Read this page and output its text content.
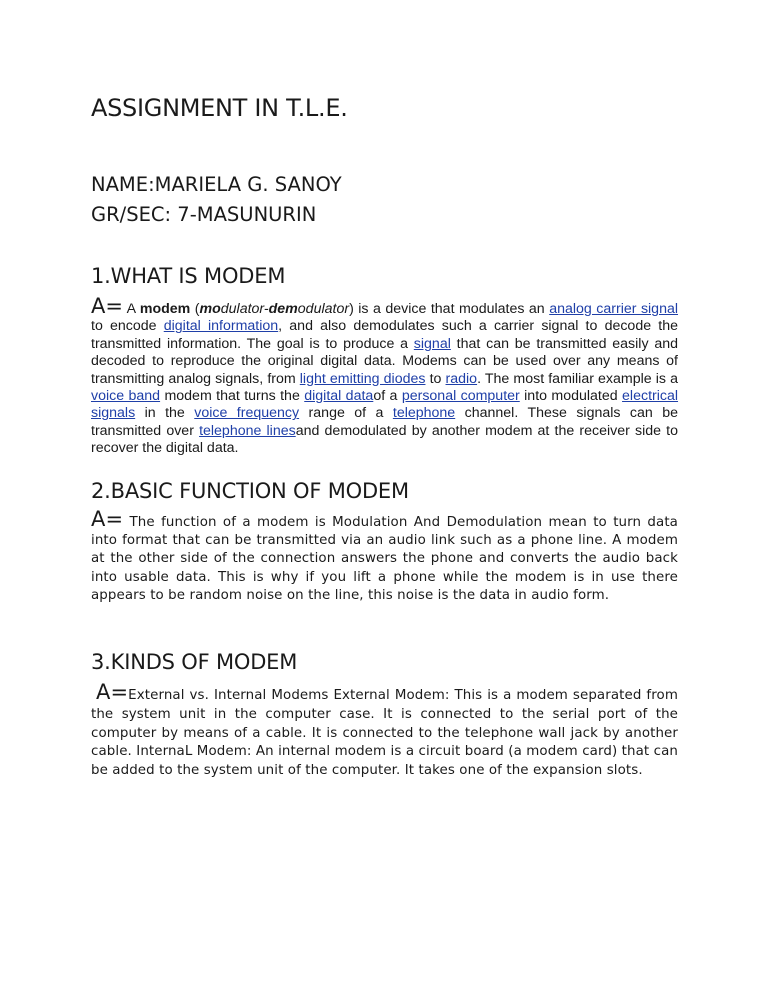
ASSIGNMENT IN T.L.E.
NAME:MARIELA G. SANOY
GR/SEC: 7-MASUNURIN
1.WHAT IS MODEM
A= A modem (modulator-demodulator) is a device that modulates an analog carrier signal to encode digital information, and also demodulates such a carrier signal to decode the transmitted information. The goal is to produce a signal that can be transmitted easily and decoded to reproduce the original digital data. Modems can be used over any means of transmitting analog signals, from light emitting diodes to radio. The most familiar example is a voice band modem that turns the digital dataof a personal computer into modulated electrical signals in the voice frequency range of a telephone channel. These signals can be transmitted over telephone linesand demodulated by another modem at the receiver side to recover the digital data.
2.BASIC FUNCTION OF MODEM
A= The function of a modem is Modulation And Demodulation mean to turn data into format that can be transmitted via an audio link such as a phone line. A modem at the other side of the connection answers the phone and converts the audio back into usable data. This is why if you lift a phone while the modem is in use there appears to be random noise on the line, this noise is the data in audio form.
3.KINDS OF MODEM
A=External vs. Internal Modems External Modem: This is a modem separated from the system unit in the computer case. It is connected to the serial port of the computer by means of a cable. It is connected to the telephone wall jack by another cable. InternaL Modem: An internal modem is a circuit board (a modem card) that can be added to the system unit of the computer. It takes one of the expansion slots.
